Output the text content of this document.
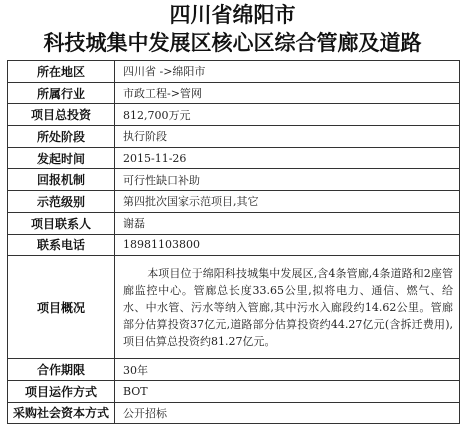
四川省绵阳市
科技城集中发展区核心区综合管廊及道路
所在地区	四川省 ->绵阳市
所属行业	市政工程->管网
项目总投资	812,700万元
所处阶段	执行阶段
发起时间	2015-11-26
回报机制	可行性缺口补助
示范级别	第四批次国家示范项目,其它
项目联系人	谢磊
联系电话	18981103800
项目概况	本项目位于绵阳科技城集中发展区,含4条管廊,4条道路和2座管廊监控中心。管廊总长度33.65公里,拟将电力、通信、燃气、给水、中水管、污水等纳入管廊,其中污水入廊段约14.62公里。管廊部分估算投资37亿元,道路部分估算投资约44.27亿元(含拆迁费用),项目估算总投资约81.27亿元。
合作期限	30年
项目运作方式	BOT
采购社会资本方式	公开招标
